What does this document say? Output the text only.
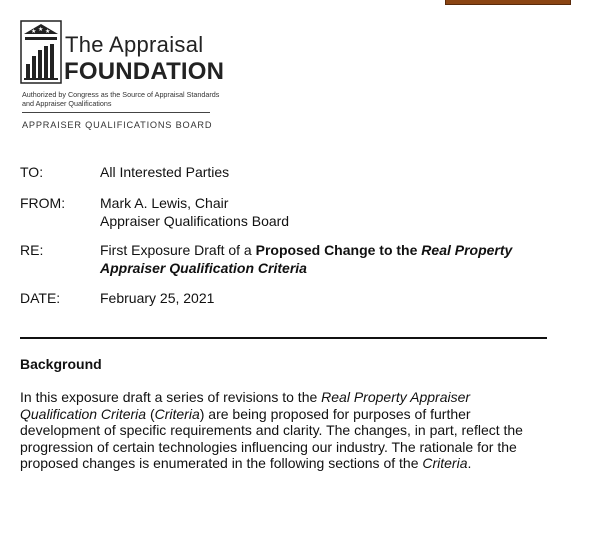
★ ★ ★ The Appraisal
FOUNDATION
Authorized by Congress as the Source of Appraisal Standards and Appraiser Qualifications
APPRAISER QUALIFICATIONS BOARD
TO:	All Interested Parties
FROM: Mark A. Lewis, Chair
Appraiser Qualifications Board
RE:	First Exposure Draft of a Proposed Change to the Real Property Appraiser Qualification Criteria
DATE:	February 25, 2021
Background
In this exposure draft a series of revisions to the Real Property Appraiser Qualification Criteria (Criteria) are being proposed for purposes of further development of specific requirements and clarity. The changes, in part, reflect the progression of certain technologies influencing our industry. The rationale for the proposed changes is enumerated in the following sections of the Criteria.
